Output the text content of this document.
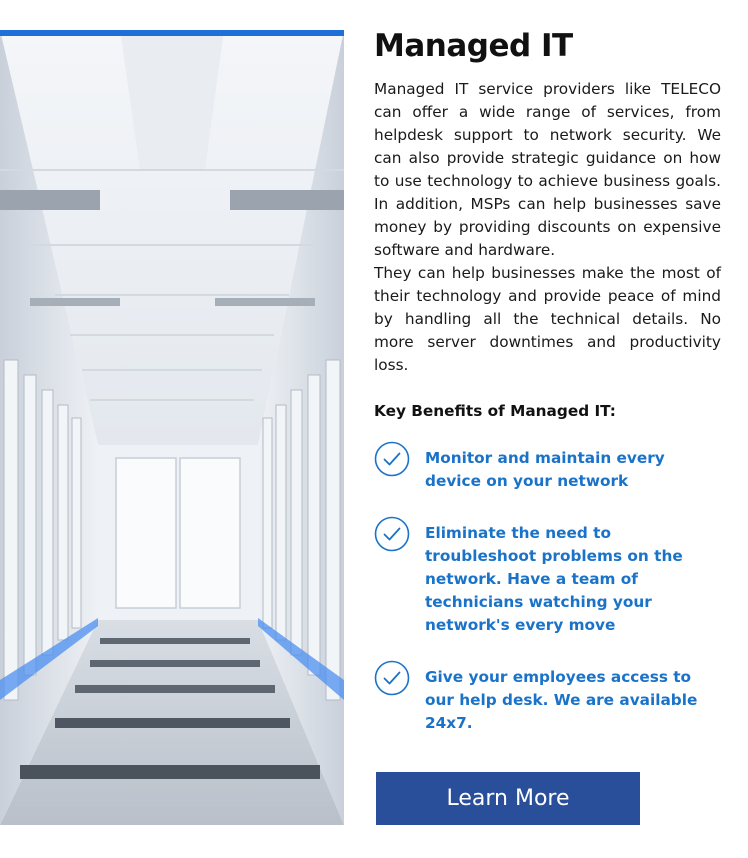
Managed IT

Managed IT service providers like TELECO can offer a wide range of services, from helpdesk support to network security. We can also provide strategic guidance on how to use technology to achieve business goals. In addition, MSPs can help businesses save money by providing discounts on expensive software and hardware.

They can help businesses make the most of their technology and provide peace of mind by handling all the technical details. No more server downtimes and productivity loss.

Key Benefits of Managed IT:
Monitor and maintain every device on your network
Eliminate the need to troubleshoot problems on the network. Have a team of technicians watching your network's every move
Give your employees access to our help desk. We are available 24x7.
Learn More
